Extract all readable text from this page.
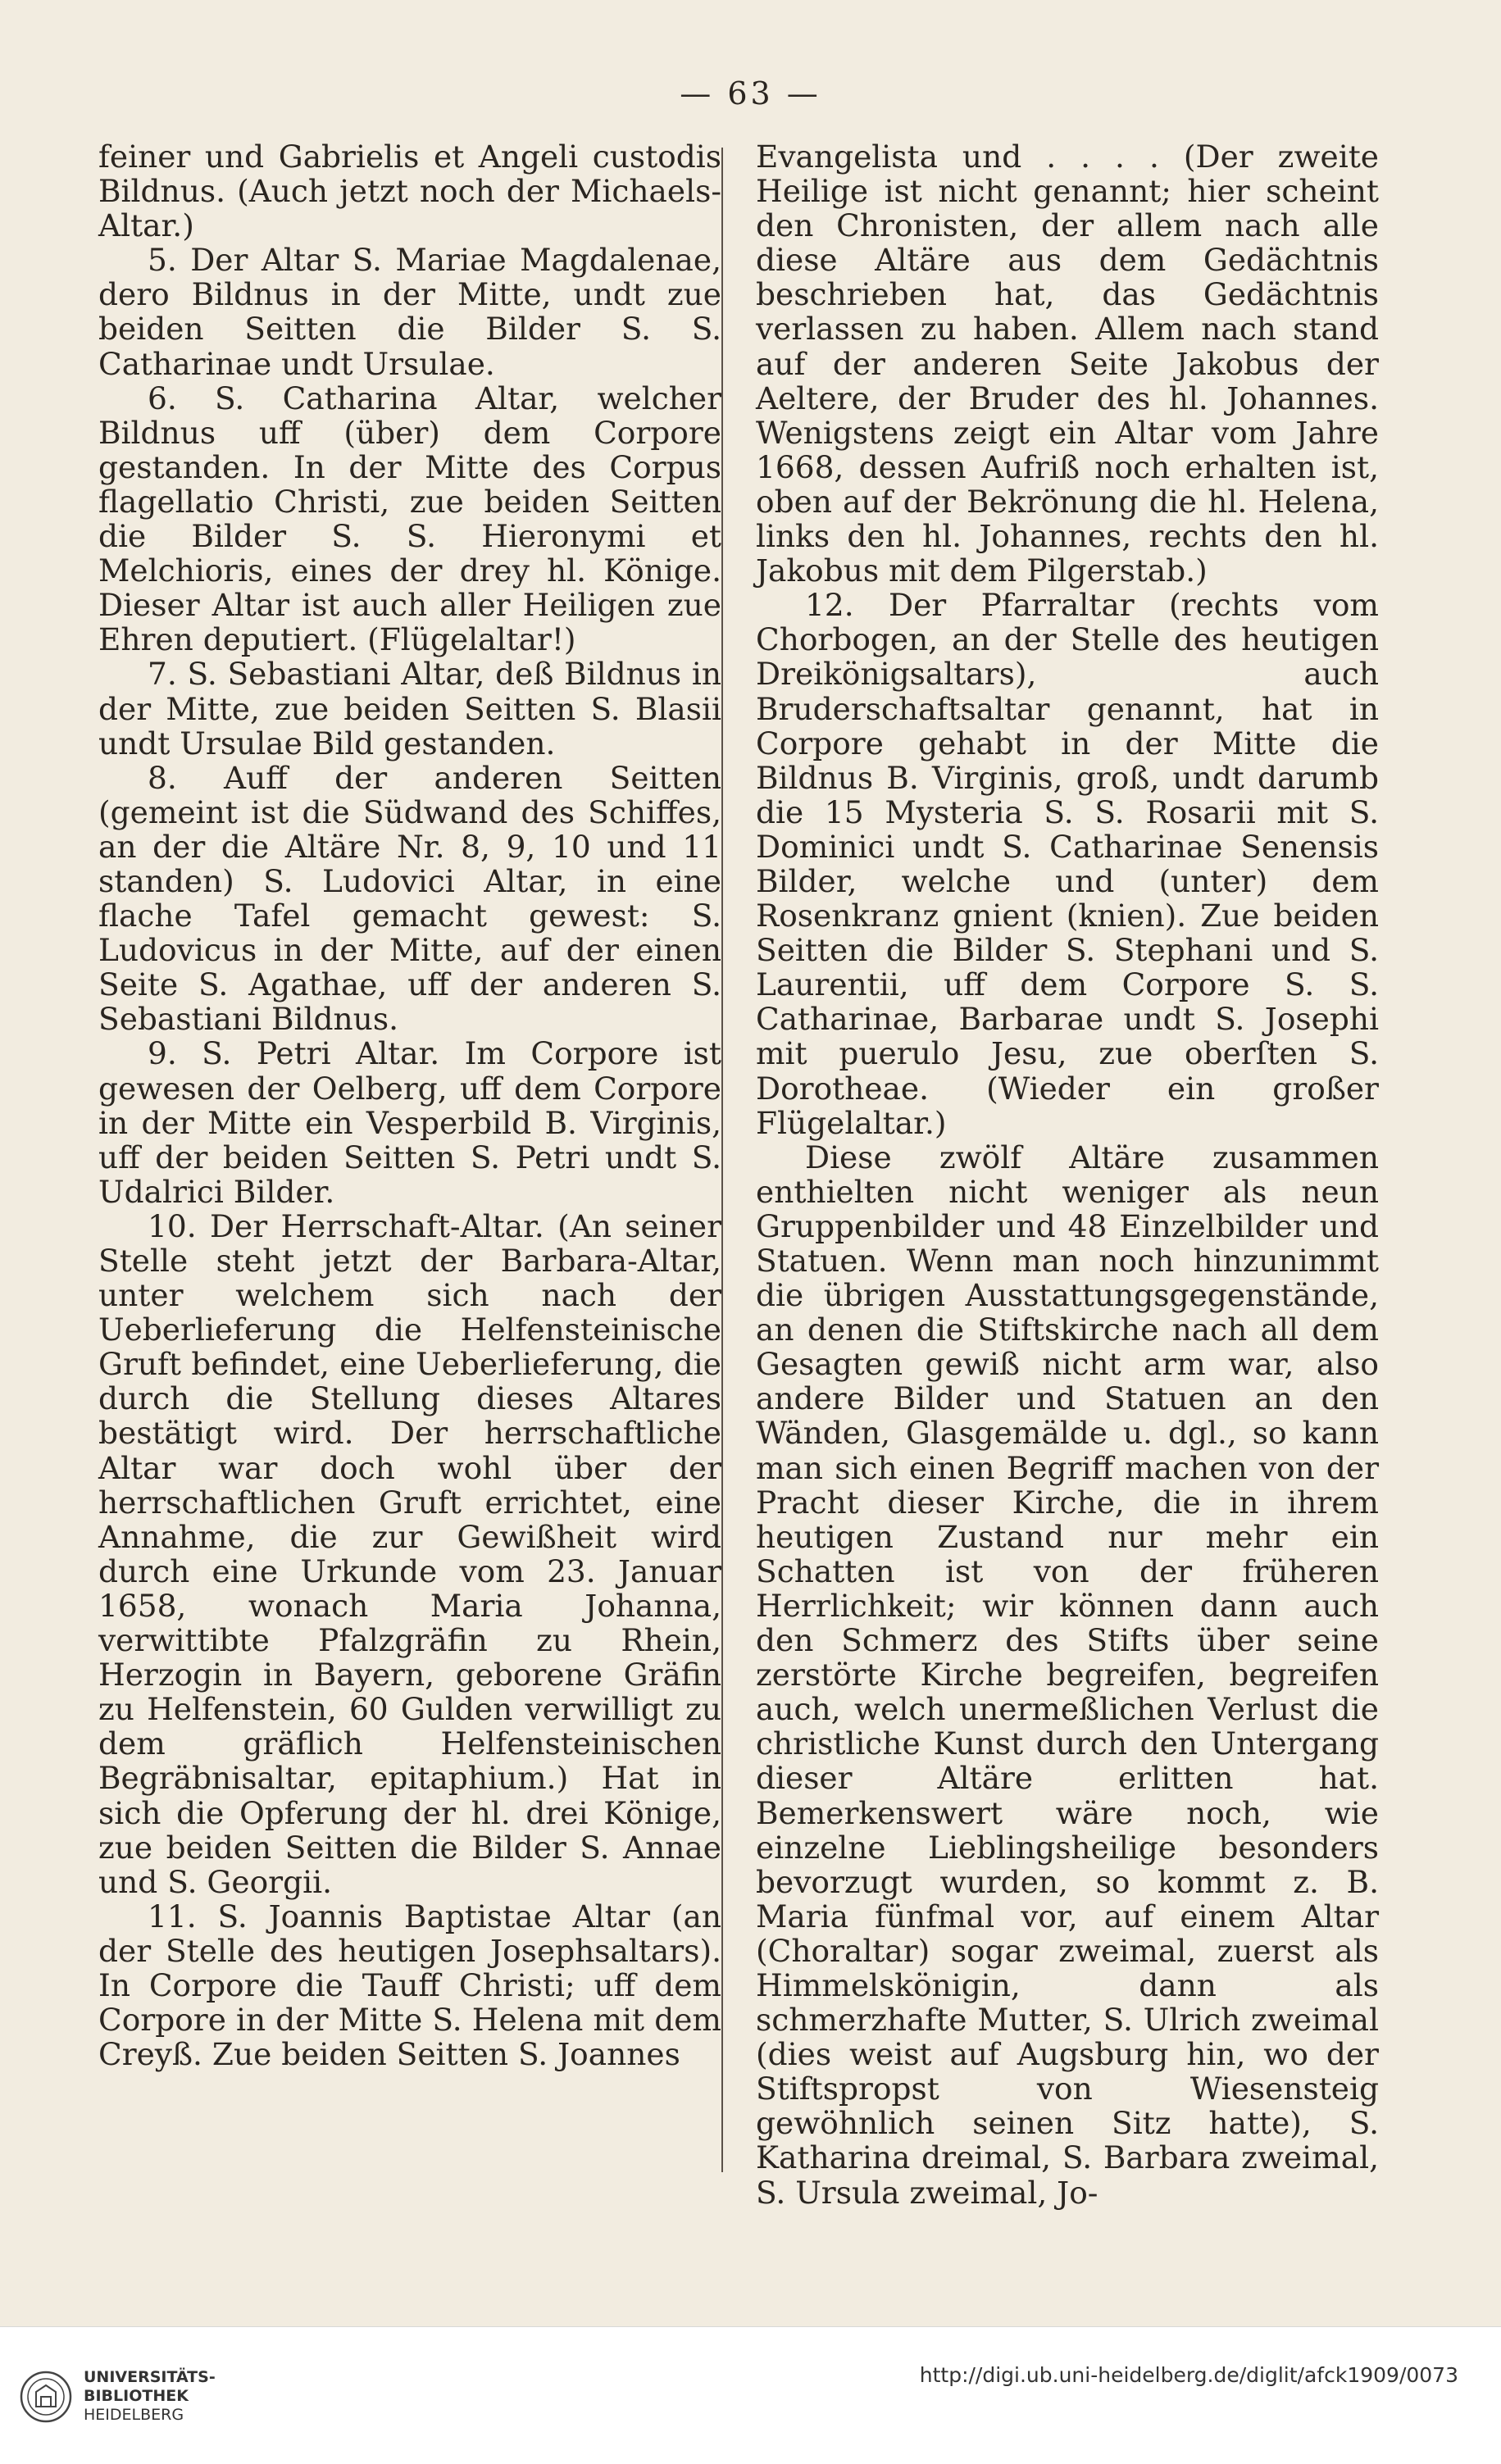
— 63 —

feiner und Gabrielis et Angeli custodis Bildnus. (Auch jetzt noch der Michaels-Altar.)

5. Der Altar S. Mariae Magdalenae, dero Bildnus in der Mitte, undt zue beiden Seitten die Bilder S. S. Catharinae undt Ursulae.

6. S. Catharina Altar, welcher Bildnus uff (über) dem Corpore gestanden. In der Mitte des Corpus flagellatio Christi, zue beiden Seitten die Bilder S. S. Hieronymi et Melchioris, eines der drey hl. Könige. Dieser Altar ist auch aller Heiligen zue Ehren deputiert. (Flügelaltar!)

7. S. Sebastiani Altar, deß Bildnus in der Mitte, zue beiden Seitten S. Blasii undt Ursulae Bild gestanden.

8. Auff der anderen Seitten (gemeint ist die Südwand des Schiffes, an der die Altäre Nr. 8, 9, 10 und 11 standen) S. Ludovici Altar, in eine flache Tafel gemacht gewest: S. Ludovicus in der Mitte, auf der einen Seite S. Agathae, uff der anderen S. Sebastiani Bildnus.

9. S. Petri Altar. Im Corpore ist gewesen der Oelberg, uff dem Corpore in der Mitte ein Vesperbild B. Virginis, uff der beiden Seitten S. Petri undt S. Udalrici Bilder.

10. Der Herrschaft-Altar. (An seiner Stelle steht jetzt der Barbara-Altar, unter welchem sich nach der Ueberlieferung die Helfensteinische Gruft befindet, eine Ueberlieferung, die durch die Stellung dieses Altares bestätigt wird. Der herrschaftliche Altar war doch wohl über der herrschaftlichen Gruft errichtet, eine Annahme, die zur Gewißheit wird durch eine Urkunde vom 23. Januar 1658, wonach Maria Johanna, verwittibte Pfalzgräfin zu Rhein, Herzogin in Bayern, geborene Gräfin zu Helfenstein, 60 Gulden verwilligt zu dem gräflich Helfensteinischen Begräbnisaltar, epitaphium.) Hat in sich die Opferung der hl. drei Könige, zue beiden Seitten die Bilder S. Annae und S. Georgii.

11. S. Joannis Baptistae Altar (an der Stelle des heutigen Josephsaltars). In Corpore die Tauff Christi; uff dem Corpore in der Mitte S. Helena mit dem Creyß. Zue beiden Seitten S. Joannes

Evangelista und . . . . (Der zweite Heilige ist nicht genannt; hier scheint den Chronisten, der allem nach alle diese Altäre aus dem Gedächtnis beschrieben hat, das Gedächtnis verlassen zu haben. Allem nach stand auf der anderen Seite Jakobus der Aeltere, der Bruder des hl. Johannes. Wenigstens zeigt ein Altar vom Jahre 1668, dessen Aufriß noch erhalten ist, oben auf der Bekrönung die hl. Helena, links den hl. Johannes, rechts den hl. Jakobus mit dem Pilgerstab.)

12. Der Pfarraltar (rechts vom Chorbogen, an der Stelle des heutigen Dreikönigsaltars), auch Bruderschaftsaltar genannt, hat in Corpore gehabt in der Mitte die Bildnus B. Virginis, groß, undt darumb die 15 Mysteria S. S. Rosarii mit S. Dominici undt S. Catharinae Senensis Bilder, welche und (unter) dem Rosenkranz gnient (knien). Zue beiden Seitten die Bilder S. Stephani und S. Laurentii, uff dem Corpore S. S. Catharinae, Barbarae undt S. Josephi mit puerulo Jesu, zue oberſten S. Dorotheae. (Wieder ein großer Flügelaltar.)

Diese zwölf Altäre zusammen enthielten nicht weniger als neun Gruppenbilder und 48 Einzelbilder und Statuen. Wenn man noch hinzunimmt die übrigen Ausstattungsgegenstände, an denen die Stiftskirche nach all dem Gesagten gewiß nicht arm war, also andere Bilder und Statuen an den Wänden, Glasgemälde u. dgl., so kann man sich einen Begriff machen von der Pracht dieser Kirche, die in ihrem heutigen Zustand nur mehr ein Schatten ist von der früheren Herrlichkeit; wir können dann auch den Schmerz des Stifts über seine zerstörte Kirche begreifen, begreifen auch, welch unermeßlichen Verlust die christliche Kunst durch den Untergang dieser Altäre erlitten hat. Bemerkenswert wäre noch, wie einzelne Lieblingsheilige besonders bevorzugt wurden, so kommt z. B. Maria fünfmal vor, auf einem Altar (Choraltar) sogar zweimal, zuerst als Himmelskönigin, dann als schmerzhafte Mutter, S. Ulrich zweimal (dies weist auf Augsburg hin, wo der Stiftspropst von Wiesensteig gewöhnlich seinen Sitz hatte), S. Katharina dreimal, S. Barbara zweimal, S. Ursula zweimal, Jo-

UNIVERSITÄTS-
BIBLIOTHEK
HEIDELBERG
http://digi.ub.uni-heidelberg.de/diglit/afck1909/0073
